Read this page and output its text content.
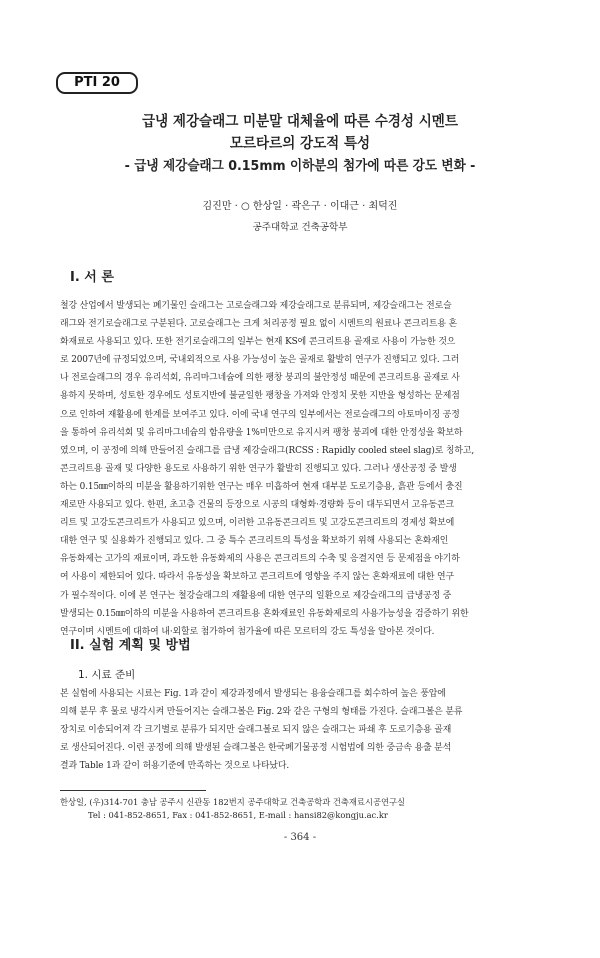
PTI 20
급냉 제강슬래그 미분말 대체율에 따른 수경성 시멘트
모르타르의 강도적 특성
- 급냉 제강슬래그 0.15mm 이하분의 첨가에 따른 강도 변화 -
김진만 · ○ 한상일 · 곽은구 · 이대근 · 최덕진
공주대학교 건축공학부
I. 서 론
철강 산업에서 발생되는 폐기물인 슬래그는 고로슬래그와 제강슬래그로 분류되며, 제강슬래그는 전로슬
래그와 전기로슬래그로 구분된다. 고로슬래그는 크게 처리공정 필요 없이 시멘트의 원료나 콘크리트용 혼
화재료로 사용되고 있다. 또한 전기로슬래그의 일부는 현재 KS에 콘크리트용 골재로 사용이 가능한 것으
로 2007년에 규정되었으며, 국내외적으로 사용 가능성이 높은 골재로 활발히 연구가 진행되고 있다. 그러
나 전로슬래그의 경우 유리석회, 유리마그네슘에 의한 팽창 붕괴의 불안정성 때문에 콘크리트용 골재로 사
용하지 못하며, 성토한 경우에도 성토지반에 불균일한 팽창을 가져와 안정치 못한 지반을 형성하는 문제점
으로 인하여 재활용에 한계를 보여주고 있다. 이에 국내 연구의 일부에서는 전로슬래그의 아토마이징 공정
을 통하여 유리석회 및 유리마그네슘의 함유량을 1%미만으로 유지시켜 팽창 붕괴에 대한 안정성을 확보하
였으며, 이 공정에 의해 만들어진 슬래그를 급냉 제강슬래그(RCSS : Rapidly cooled steel slag)로 칭하고,
콘크리트용 골재 및 다양한 용도로 사용하기 위한 연구가 활발히 진행되고 있다. 그러나 생산공정 중 발생
하는 0.15㎜이하의 미분을 활용하기위한 연구는 매우 미흡하여 현재 대부분 도로기층용, 흙관 등에서 충진
재로만 사용되고 있다. 한편, 초고층 건물의 등장으로 시공의 대형화·경량화 등이 대두되면서 고유동콘크
리트 및 고강도콘크리트가 사용되고 있으며, 이러한 고유동콘크리트 및 고강도콘크리트의 경제성 확보에
대한 연구 및 실용화가 진행되고 있다. 그 중 특수 콘크리트의 특성을 확보하기 위해 사용되는 혼화재인
유동화제는 고가의 재료이며, 과도한 유동화제의 사용은 콘크리트의 수축 및 응결지연 등 문제점을 야기하
여 사용이 제한되어 있다. 따라서 유동성을 확보하고 콘크리트에 영향을 주지 않는 혼화재료에 대한 연구
가 필수적이다. 이에 본 연구는 철강슬래그의 재활용에 대한 연구의 일환으로 제강슬래그의 급냉공정 중
발생되는 0.15㎜이하의 미분을 사용하여 콘크리트용 혼화재료인 유동화제로의 사용가능성을 검증하기 위한
연구이며 시멘트에 대하여 내·외할로 첨가하여 첨가율에 따른 모르터의 강도 특성을 알아본 것이다.
II. 실험 계획 및 방법
1. 시료 준비
본 실험에 사용되는 시료는 Fig. 1과 같이 제강과정에서 발생되는 용융슬래그를 회수하여 높은 풍압에
의해 분무 후 물로 냉각시켜 만들어지는 슬래그볼은 Fig. 2와 같은 구형의 형태를 가진다. 슬래그볼은 분류
장치로 이송되어져 각 크기별로 분류가 되지만 슬래그볼로 되지 않은 슬래그는 파쇄 후 도로기층용 골재
로 생산되어진다. 이런 공정에 의해 발생된 슬래그볼은 한국폐기물공정 시험법에 의한 중금속 용출 분석
결과 Table 1과 같이 허용기준에 만족하는 것으로 나타났다.
한상일, (우)314-701 충남 공주시 신관동 182번지 공주대학교 건축공학과 건축재료시공연구실
Tel : 041-852-8651, Fax : 041-852-8651, E-mail : hansi82@kongju.ac.kr
- 364 -
